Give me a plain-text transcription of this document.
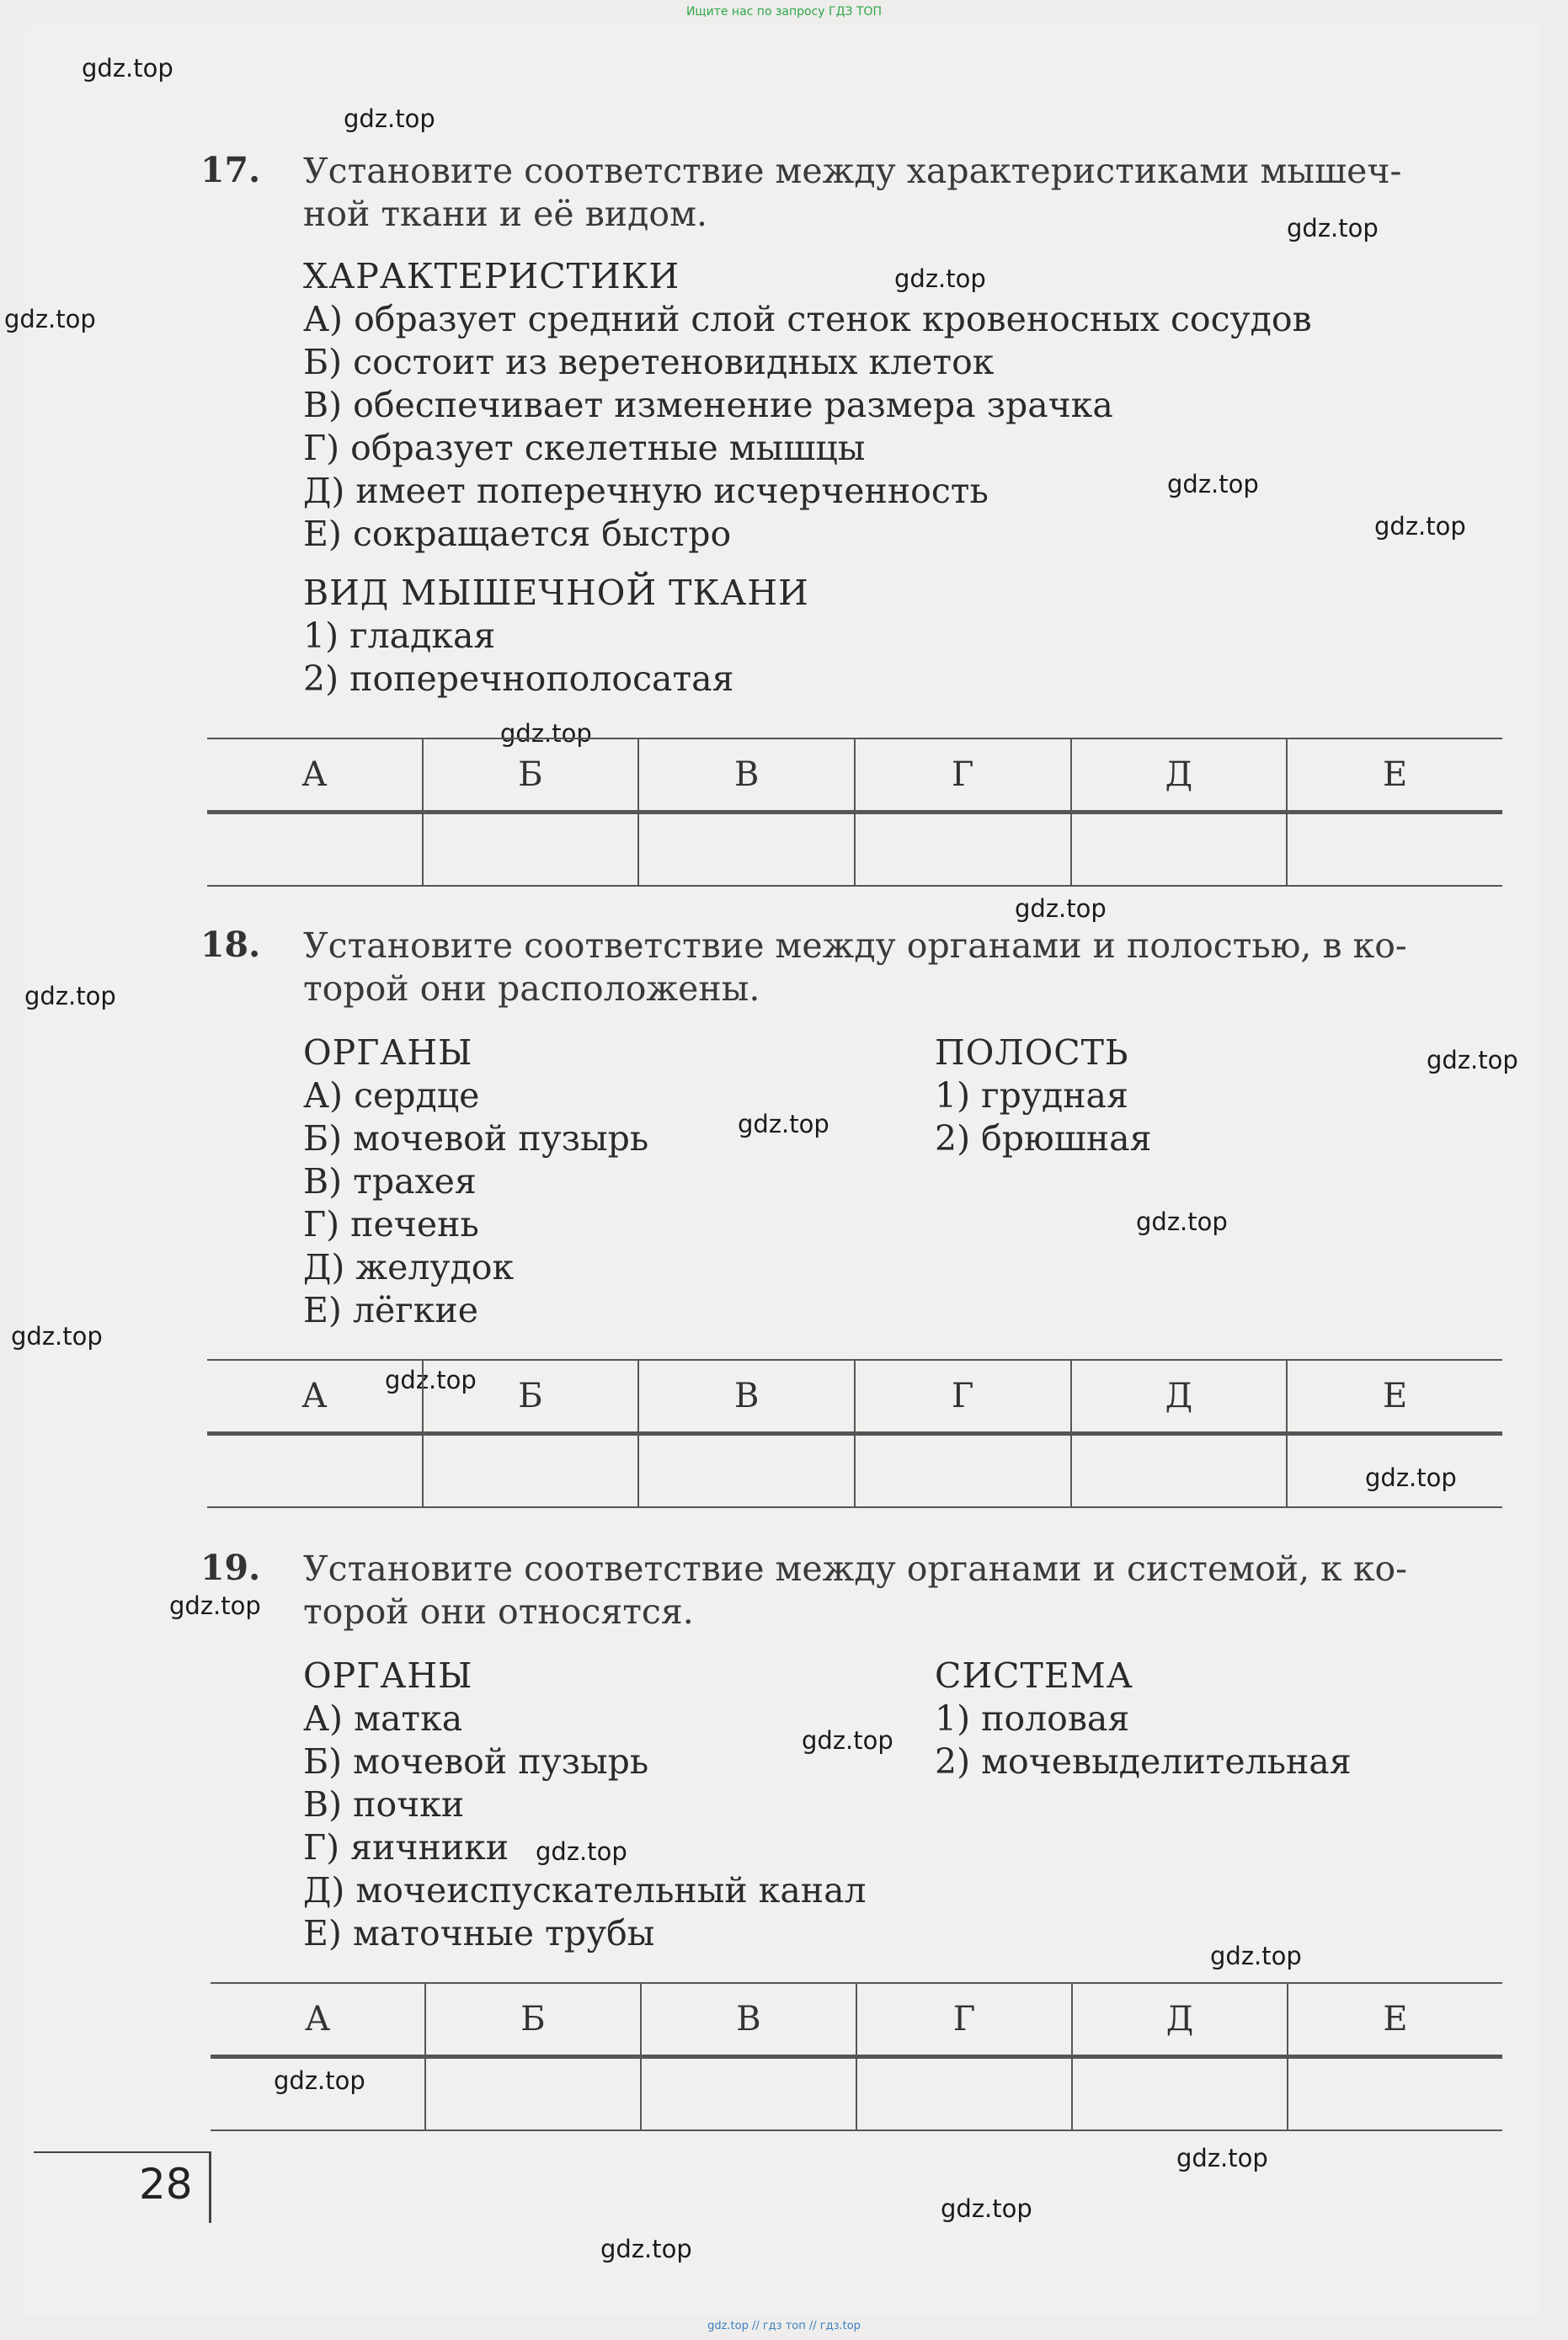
Ищите нас по запросу ГДЗ ТОП
gdz.top
gdz.top
gdz.top
gdz.top
gdz.top
gdz.top
gdz.top
gdz.top
gdz.top
gdz.top
gdz.top
gdz.top
gdz.top
gdz.top
gdz.top
gdz.top
gdz.top
gdz.top
gdz.top
gdz.top
gdz.top
gdz.top
gdz.top
gdz.top
17. Установите соответствие между характеристиками мышеч-
ной ткани и её видом.
ХАРАКТЕРИСТИКИ
А) образует средний слой стенок кровеносных сосудов
Б) состоит из веретеновидных клеток
В) обеспечивает изменение размера зрачка
Г) образует скелетные мышцы
Д) имеет поперечную исчерченность
Е) сокращается быстро
ВИД МЫШЕЧНОЙ ТКАНИ
1) гладкая
2) поперечнополосатая
А	Б	В	Г	Д	Е

18. Установите соответствие между органами и полостью, в ко-
торой они расположены.
ОРГАНЫ
А) сердце
Б) мочевой пузырь
В) трахея
Г) печень
Д) желудок
Е) лёгкие
ПОЛОСТЬ
1) грудная
2) брюшная
А	Б	В	Г	Д	Е

19. Установите соответствие между органами и системой, к ко-
торой они относятся.
ОРГАНЫ
А) матка
Б) мочевой пузырь
В) почки
Г) яичники
Д) мочеиспускательный канал
Е) маточные трубы
СИСТЕМА
1) половая
2) мочевыделительная
А	Б	В	Г	Д	Е

28
gdz.top // гдз топ // гдз.top
